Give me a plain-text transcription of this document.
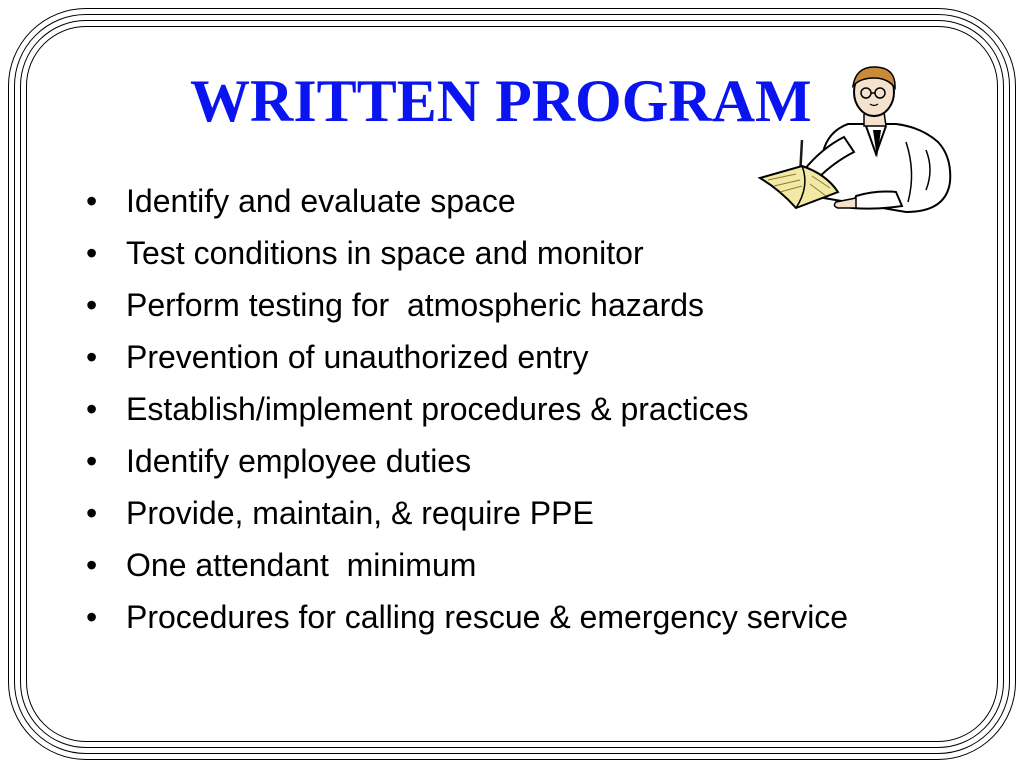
WRITTEN PROGRAM
• Identify and evaluate space
• Test conditions in space and monitor
• Perform testing for  atmospheric hazards
• Prevention of unauthorized entry
• Establish/implement procedures & practices
• Identify employee duties
• Provide, maintain, & require PPE
• One attendant  minimum
• Procedures for calling rescue & emergency service
